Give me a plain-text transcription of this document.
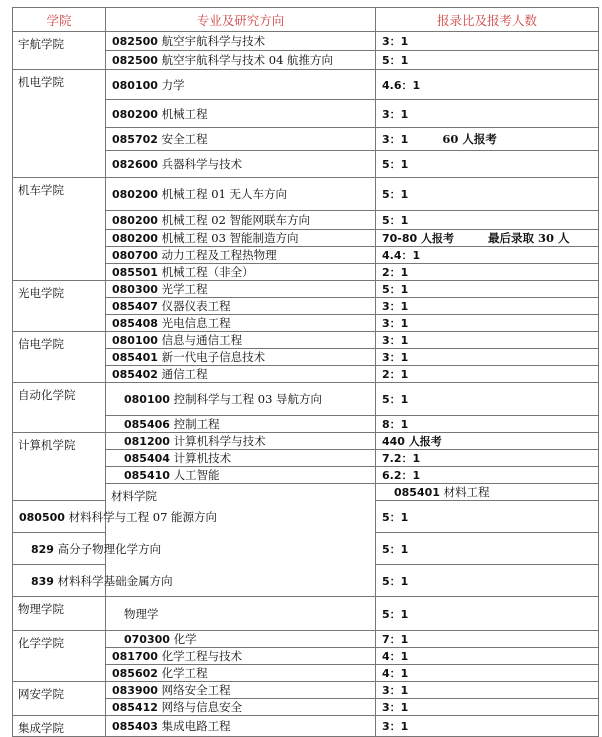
学院	专业及研究方向	报录比及报考人数	
宇航学院	082500 航空宇航科学与技术	3：1	
	082500 航空宇航科学与技术 04 航推方向	5：1	
机电学院	080100 力学	4.6：1	
	080200 机械工程	3：1	
	085702 安全工程	3：1 60 人报考	
	082600 兵器科学与技术	5：1	
机车学院	080200 机械工程 01 无人车方向	5：1	
	080200 机械工程 02 智能网联车方向	5：1	
	080200 机械工程 03 智能制造方向	70-80 人报考 最后录取 30 人	
	080700 动力工程及工程热物理	4.4：1	
	085501 机械工程（非全）	2：1	
光电学院	080300 光学工程	5：1	
	085407 仪器仪表工程	3：1	
	085408 光电信息工程	3：1	
信电学院	080100 信息与通信工程	3：1	
	085401 新一代电子信息技术	3：1	
	085402 通信工程	2：1	
自动化学院	080100 控制科学与工程 03 导航方向	5：1	
	085406 控制工程	8：1	
计算机学院	081200 计算机科学与技术	440 人报考	
	085404 计算机技术	7.2：1	
	085410 人工智能	6.2：1	
	材料学院	085401 材料工程	
080500 材料科学与工程 07 能源方向		5：1	
829 高分子物理化学方向		5：1	
839 材料科学基础金属方向		5：1	
物理学院	物理学	5：1	
化学学院	070300 化学	7：1	
	081700 化学工程与技术	4：1	
	085602 化学工程	4：1	
网安学院	083900 网络安全工程	3：1	
	085412 网络与信息安全	3：1	
集成学院	085403 集成电路工程	3：1	
